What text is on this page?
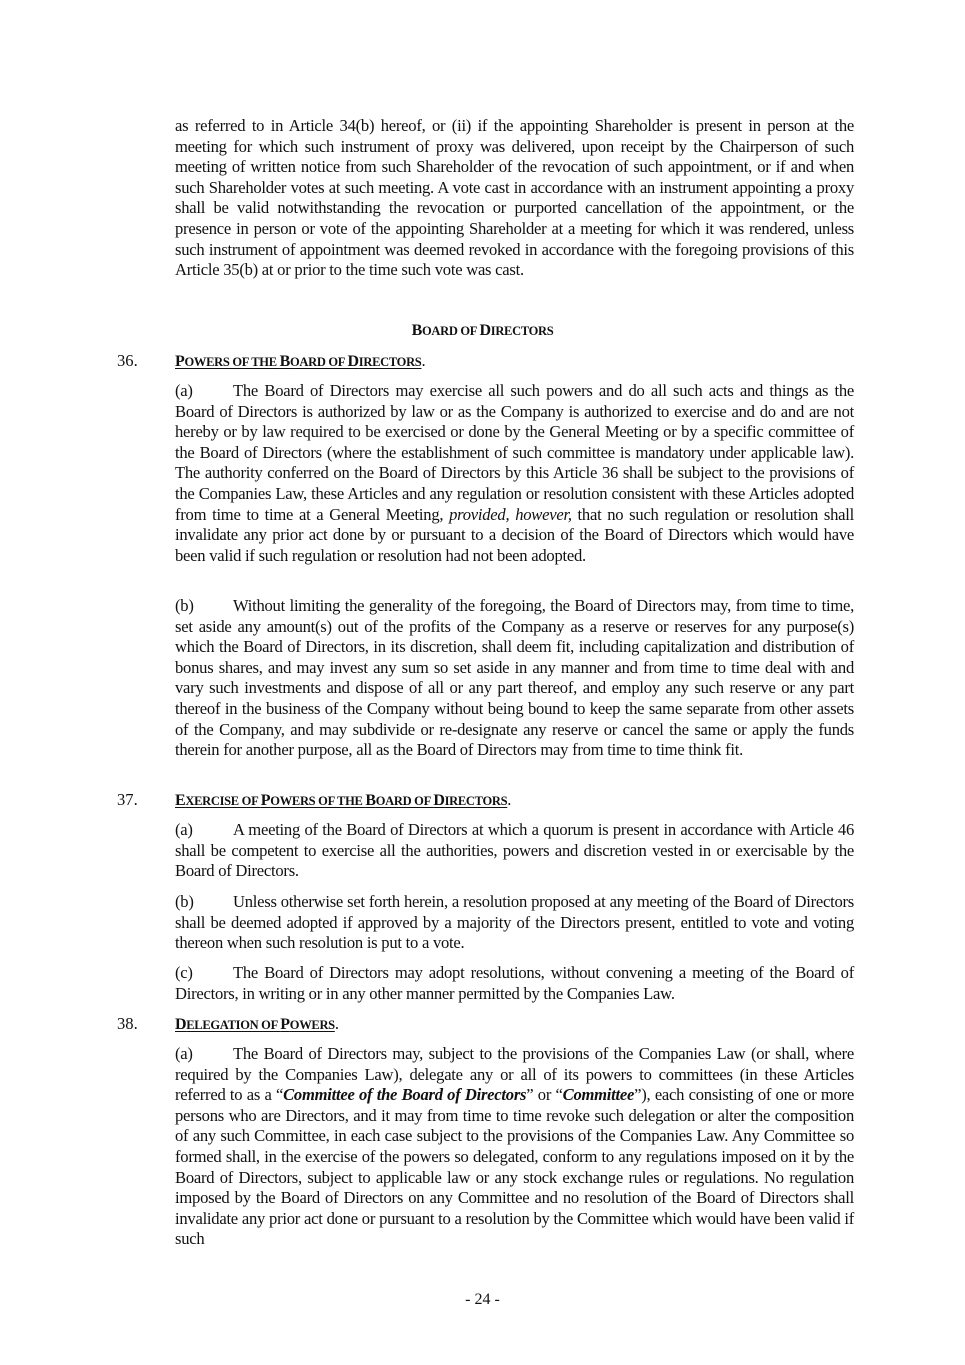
as referred to in Article 34(b) hereof, or (ii) if the appointing Shareholder is present in person at the meeting for which such instrument of proxy was delivered, upon receipt by the Chairperson of such meeting of written notice from such Shareholder of the revocation of such appointment, or if and when such Shareholder votes at such meeting. A vote cast in accordance with an instrument appointing a proxy shall be valid notwithstanding the revocation or purported cancellation of the appointment, or the presence in person or vote of the appointing Shareholder at a meeting for which it was rendered, unless such instrument of appointment was deemed revoked in accordance with the foregoing provisions of this Article 35(b) at or prior to the time such vote was cast.
BOARD OF DIRECTORS
36. POWERS OF THE BOARD OF DIRECTORS.
(a) The Board of Directors may exercise all such powers and do all such acts and things as the Board of Directors is authorized by law or as the Company is authorized to exercise and do and are not hereby or by law required to be exercised or done by the General Meeting or by a specific committee of the Board of Directors (where the establishment of such committee is mandatory under applicable law). The authority conferred on the Board of Directors by this Article 36 shall be subject to the provisions of the Companies Law, these Articles and any regulation or resolution consistent with these Articles adopted from time to time at a General Meeting, provided, however, that no such regulation or resolution shall invalidate any prior act done by or pursuant to a decision of the Board of Directors which would have been valid if such regulation or resolution had not been adopted.
(b) Without limiting the generality of the foregoing, the Board of Directors may, from time to time, set aside any amount(s) out of the profits of the Company as a reserve or reserves for any purpose(s) which the Board of Directors, in its discretion, shall deem fit, including capitalization and distribution of bonus shares, and may invest any sum so set aside in any manner and from time to time deal with and vary such investments and dispose of all or any part thereof, and employ any such reserve or any part thereof in the business of the Company without being bound to keep the same separate from other assets of the Company, and may subdivide or re-designate any reserve or cancel the same or apply the funds therein for another purpose, all as the Board of Directors may from time to time think fit.
37. EXERCISE OF POWERS OF THE BOARD OF DIRECTORS.
(a) A meeting of the Board of Directors at which a quorum is present in accordance with Article 46 shall be competent to exercise all the authorities, powers and discretion vested in or exercisable by the Board of Directors.
(b) Unless otherwise set forth herein, a resolution proposed at any meeting of the Board of Directors shall be deemed adopted if approved by a majority of the Directors present, entitled to vote and voting thereon when such resolution is put to a vote.
(c) The Board of Directors may adopt resolutions, without convening a meeting of the Board of Directors, in writing or in any other manner permitted by the Companies Law.
38. DELEGATION OF POWERS.
(a) The Board of Directors may, subject to the provisions of the Companies Law (or shall, where required by the Companies Law), delegate any or all of its powers to committees (in these Articles referred to as a “Committee of the Board of Directors” or “Committee”), each consisting of one or more persons who are Directors, and it may from time to time revoke such delegation or alter the composition of any such Committee, in each case subject to the provisions of the Companies Law. Any Committee so formed shall, in the exercise of the powers so delegated, conform to any regulations imposed on it by the Board of Directors, subject to applicable law or any stock exchange rules or regulations. No regulation imposed by the Board of Directors on any Committee and no resolution of the Board of Directors shall invalidate any prior act done or pursuant to a resolution by the Committee which would have been valid if such
- 24 -
